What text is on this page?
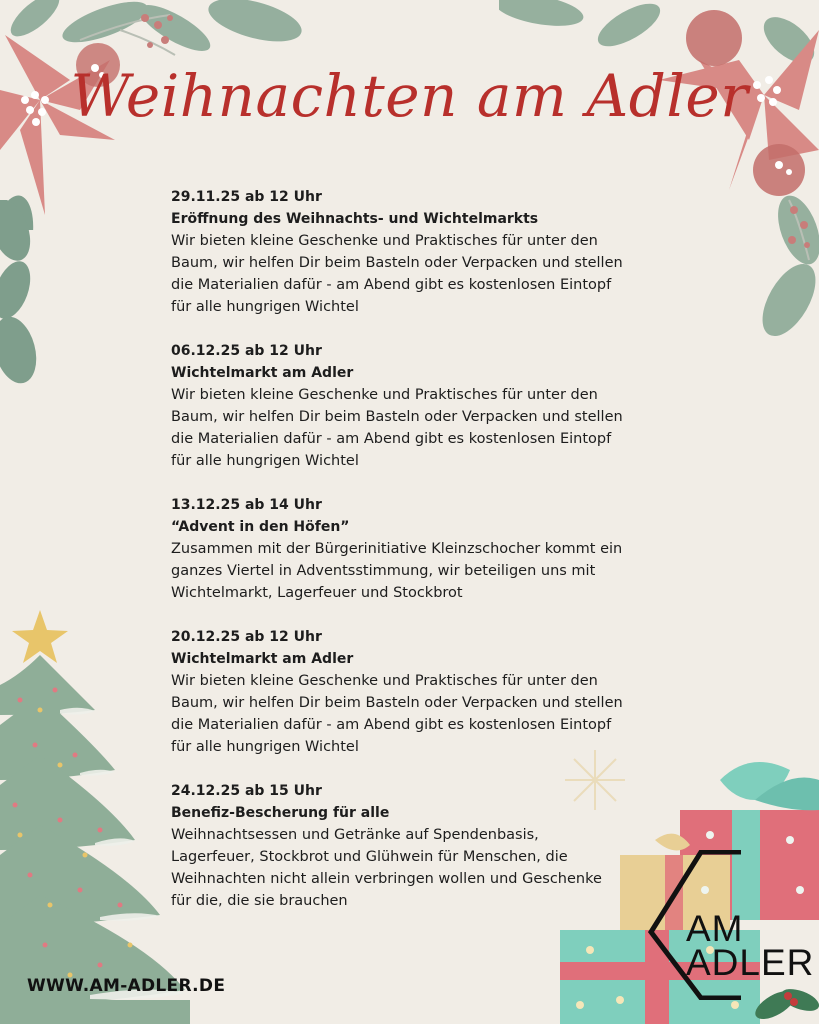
Weihnachten am Adler
29.11.25 ab 12 Uhr
Eröffnung des Weihnachts- und Wichtelmarkts
Wir bieten kleine Geschenke und Praktisches für unter den
Baum, wir helfen Dir beim Basteln oder Verpacken und stellen
die Materialien dafür - am Abend gibt es kostenlosen Eintopf
für alle hungrigen Wichtel
06.12.25 ab 12 Uhr
Wichtelmarkt am Adler
Wir bieten kleine Geschenke und Praktisches für unter den
Baum, wir helfen Dir beim Basteln oder Verpacken und stellen
die Materialien dafür - am Abend gibt es kostenlosen Eintopf
für alle hungrigen Wichtel
13.12.25 ab 14 Uhr
“Advent in den Höfen”
Zusammen mit der Bürgerinitiative Kleinzschocher kommt ein
ganzes Viertel in Adventsstimmung, wir beteiligen uns mit
Wichtelmarkt, Lagerfeuer und Stockbrot
20.12.25 ab 12 Uhr
Wichtelmarkt am Adler
Wir bieten kleine Geschenke und Praktisches für unter den
Baum, wir helfen Dir beim Basteln oder Verpacken und stellen
die Materialien dafür - am Abend gibt es kostenlosen Eintopf
für alle hungrigen Wichtel
24.12.25 ab 15 Uhr
Benefiz-Bescherung für alle
Weihnachtsessen und Getränke auf Spendenbasis,
Lagerfeuer, Stockbrot und Glühwein für Menschen, die
Weihnachten nicht allein verbringen wollen und Geschenke
für die, die sie brauchen
AM
ADLER
WWW.AM-ADLER.DE
